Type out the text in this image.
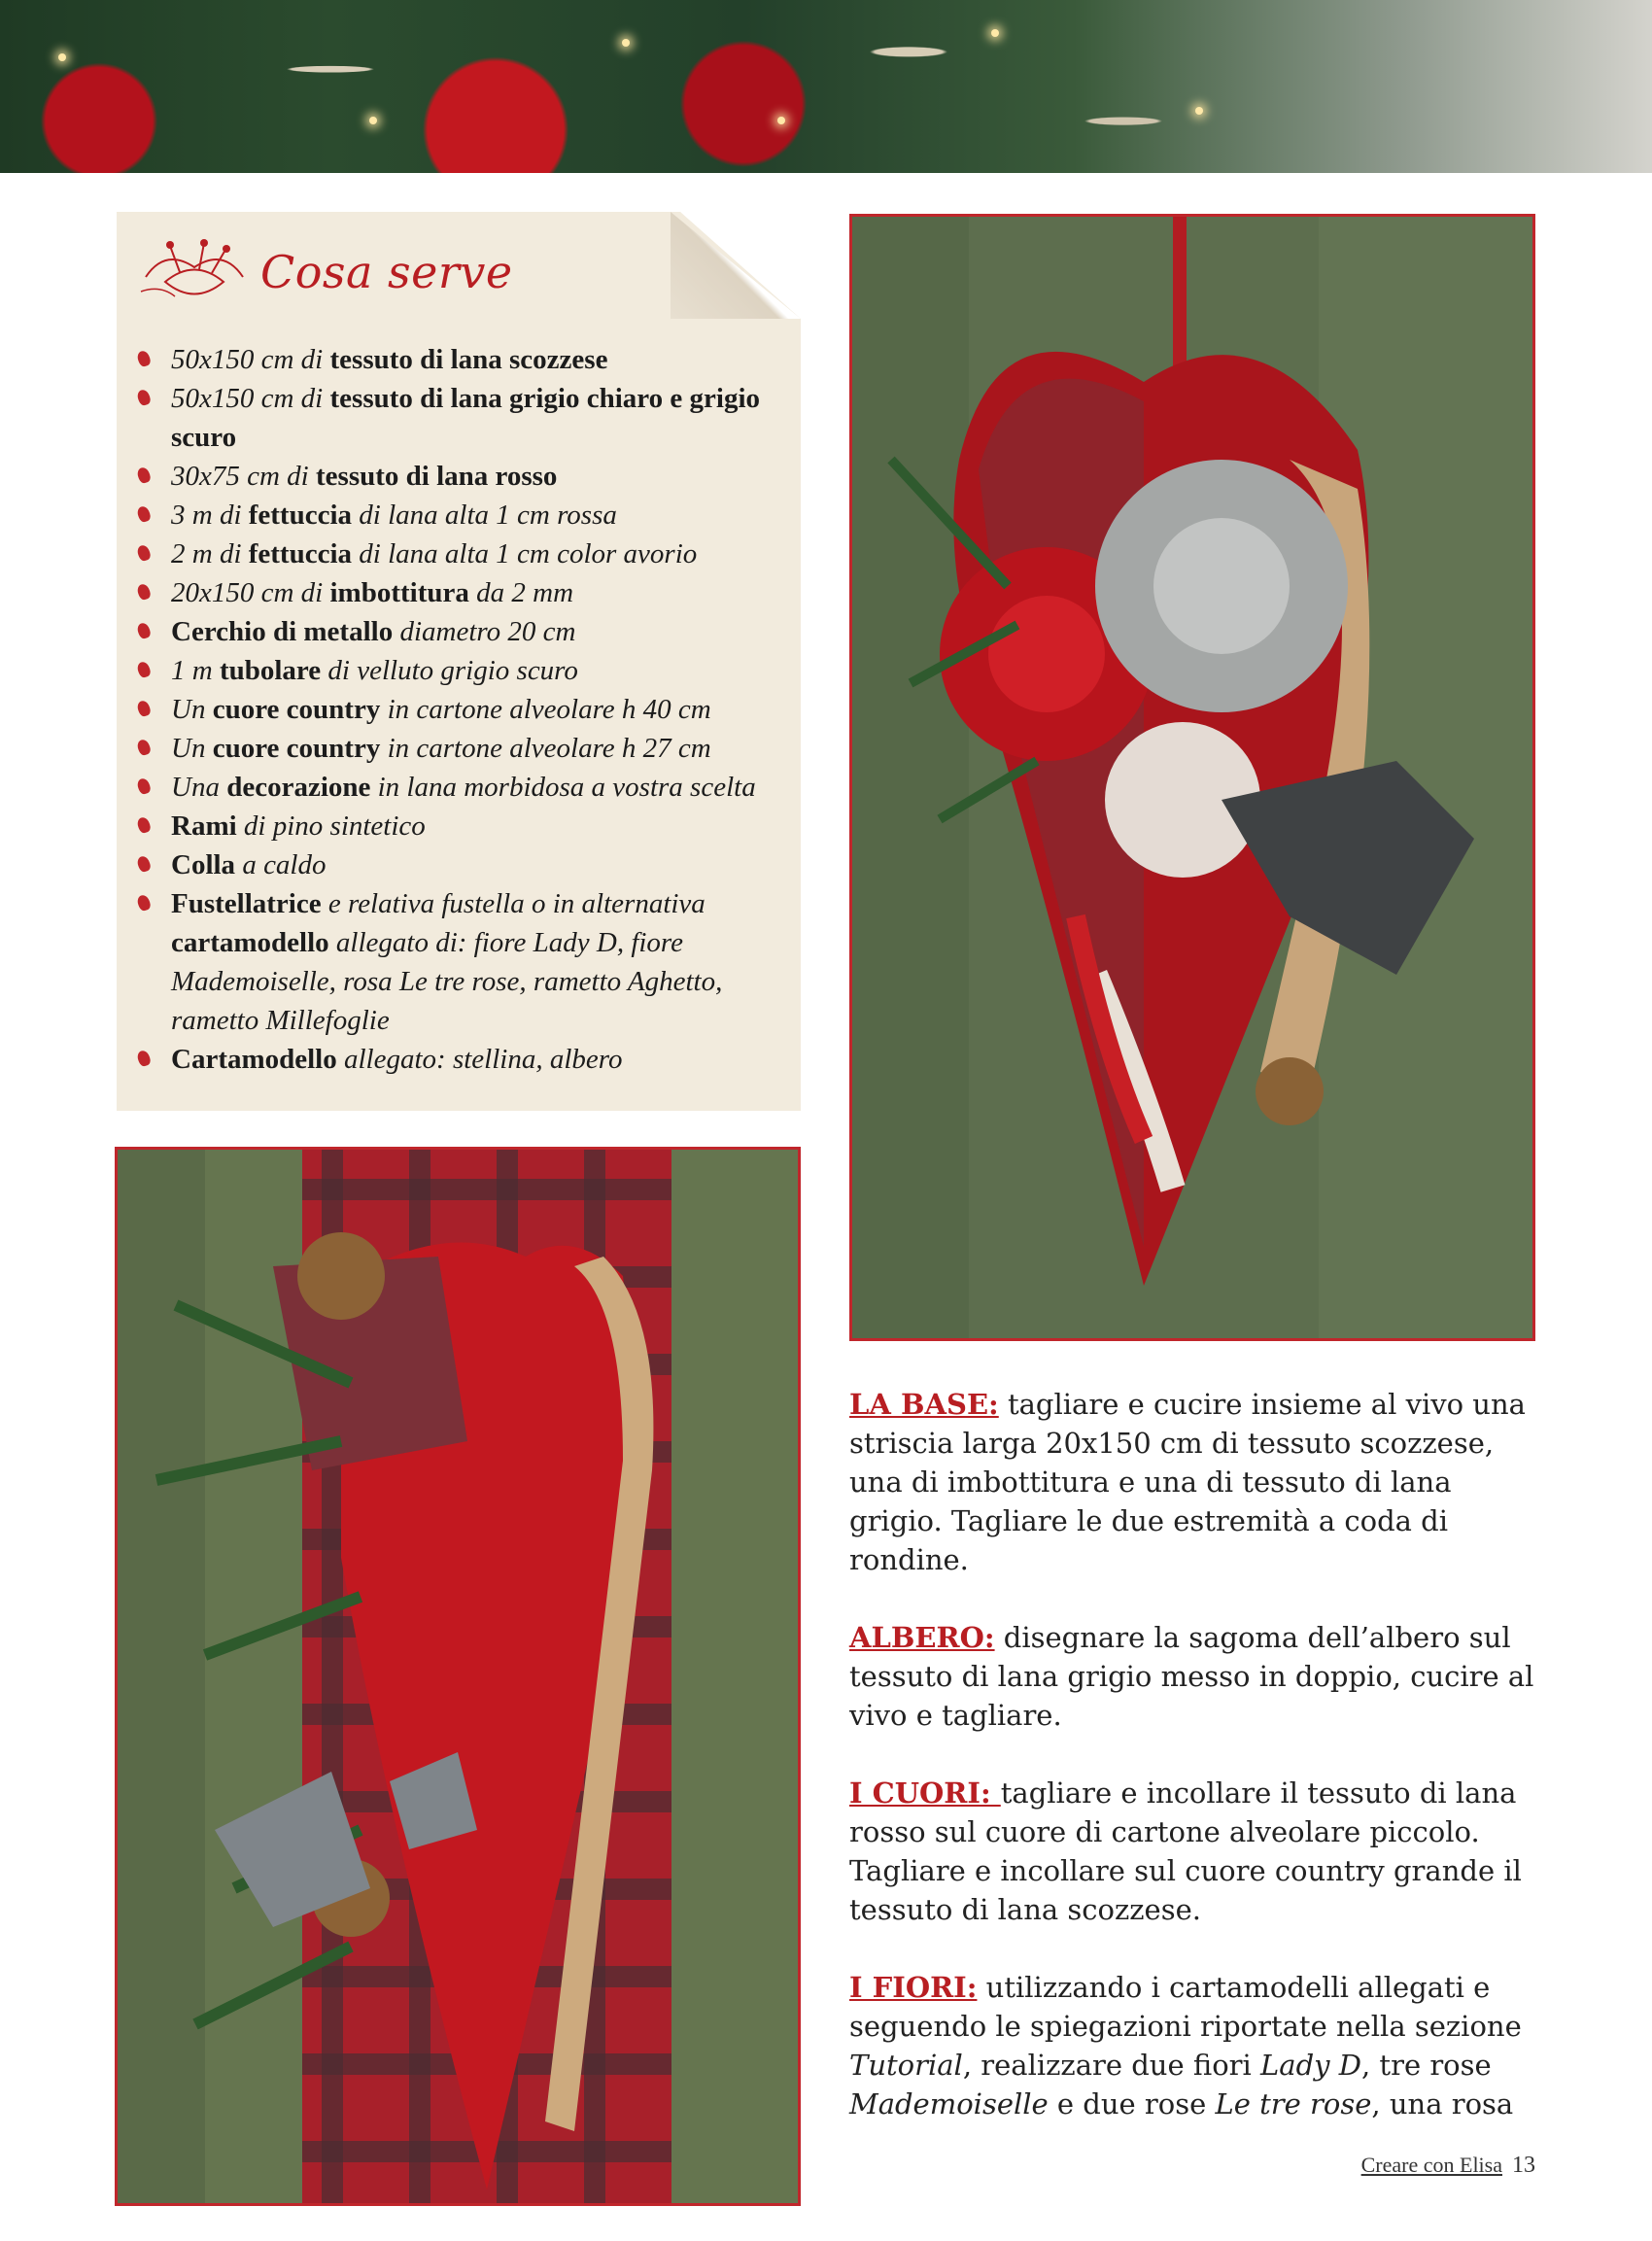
Cosa serve
50x150 cm di tessuto di lana scozzese
50x150 cm di tessuto di lana grigio chiaro e grigio scuro
30x75 cm di tessuto di lana rosso
3 m di fettuccia di lana alta 1 cm rossa
2 m di fettuccia di lana alta 1 cm color avorio
20x150 cm di imbottitura da 2 mm
Cerchio di metallo diametro 20 cm
1 m tubolare di velluto grigio scuro
Un cuore country in cartone alveolare h 40 cm
Un cuore country in cartone alveolare h 27 cm
Una decorazione in lana morbidosa a vostra scelta
Rami di pino sintetico
Colla a caldo
Fustellatrice e relativa fustella o in alternativa cartamodello allegato di: fiore Lady D, fiore Mademoiselle, rosa Le tre rose, rametto Aghetto, rametto Millefoglie
Cartamodello allegato: stellina, albero

LA BASE: tagliare e cucire insieme al vivo una striscia larga 20x150 cm di tessuto scozzese, una di imbottitura e una di tessuto di lana grigio. Tagliare le due estremità a coda di rondine.

ALBERO: disegnare la sagoma dell’albero sul tessuto di lana grigio messo in doppio, cucire al vivo e tagliare.

I CUORI: tagliare e incollare il tessuto di lana rosso sul cuore di cartone alveolare piccolo. Tagliare e incollare sul cuore country grande il tessuto di lana scozzese.

I FIORI: utilizzando i cartamodelli allegati e seguendo le spiegazioni riportate nella sezione Tutorial, realizzare due fiori Lady D, tre rose Mademoiselle e due rose Le tre rose, una rosa

Creare con Elisa 13
